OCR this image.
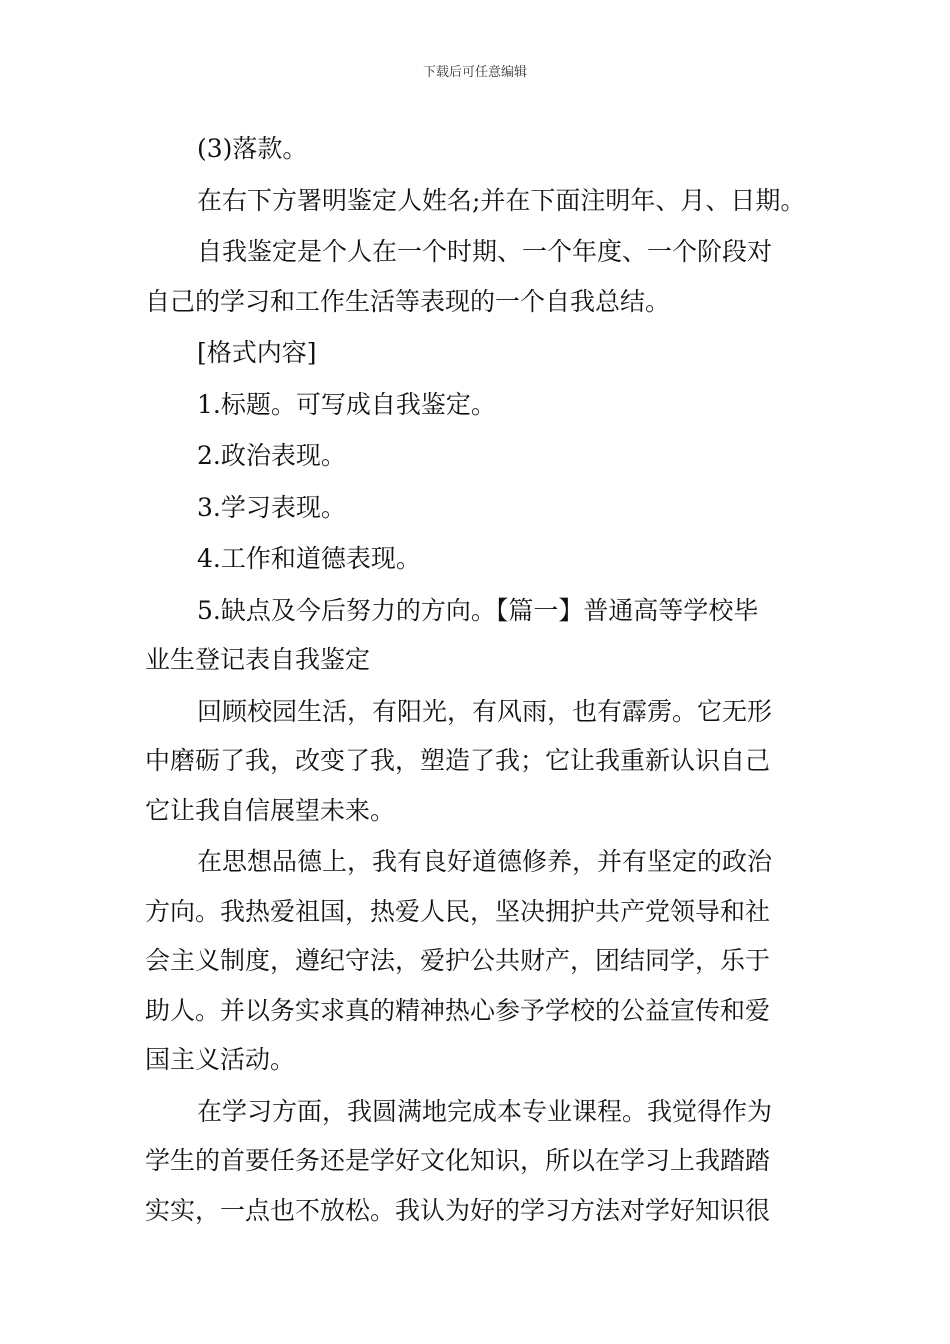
下载后可任意编辑
(3)落款。
在右下方署明鉴定人姓名;并在下面注明年、月、日期。
自我鉴定是个人在一个时期、一个年度、一个阶段对
自己的学习和工作生活等表现的一个自我总结。
[格式内容]
1.标题。可写成自我鉴定。
2.政治表现。
3.学习表现。
4.工作和道德表现。
5.缺点及今后努力的方向。【篇一】普通高等学校毕
业生登记表自我鉴定
回顾校园生活，有阳光，有风雨，也有霹雳。它无形
中磨砺了我，改变了我，塑造了我；它让我重新认识自己
它让我自信展望未来。
在思想品德上，我有良好道德修养，并有坚定的政治
方向。我热爱祖国，热爱人民，坚决拥护共产党领导和社
会主义制度，遵纪守法，爱护公共财产，团结同学，乐于
助人。并以务实求真的精神热心参予学校的公益宣传和爱
国主义活动。
在学习方面，我圆满地完成本专业课程。我觉得作为
学生的首要任务还是学好文化知识，所以在学习上我踏踏
实实，一点也不放松。我认为好的学习方法对学好知识很
